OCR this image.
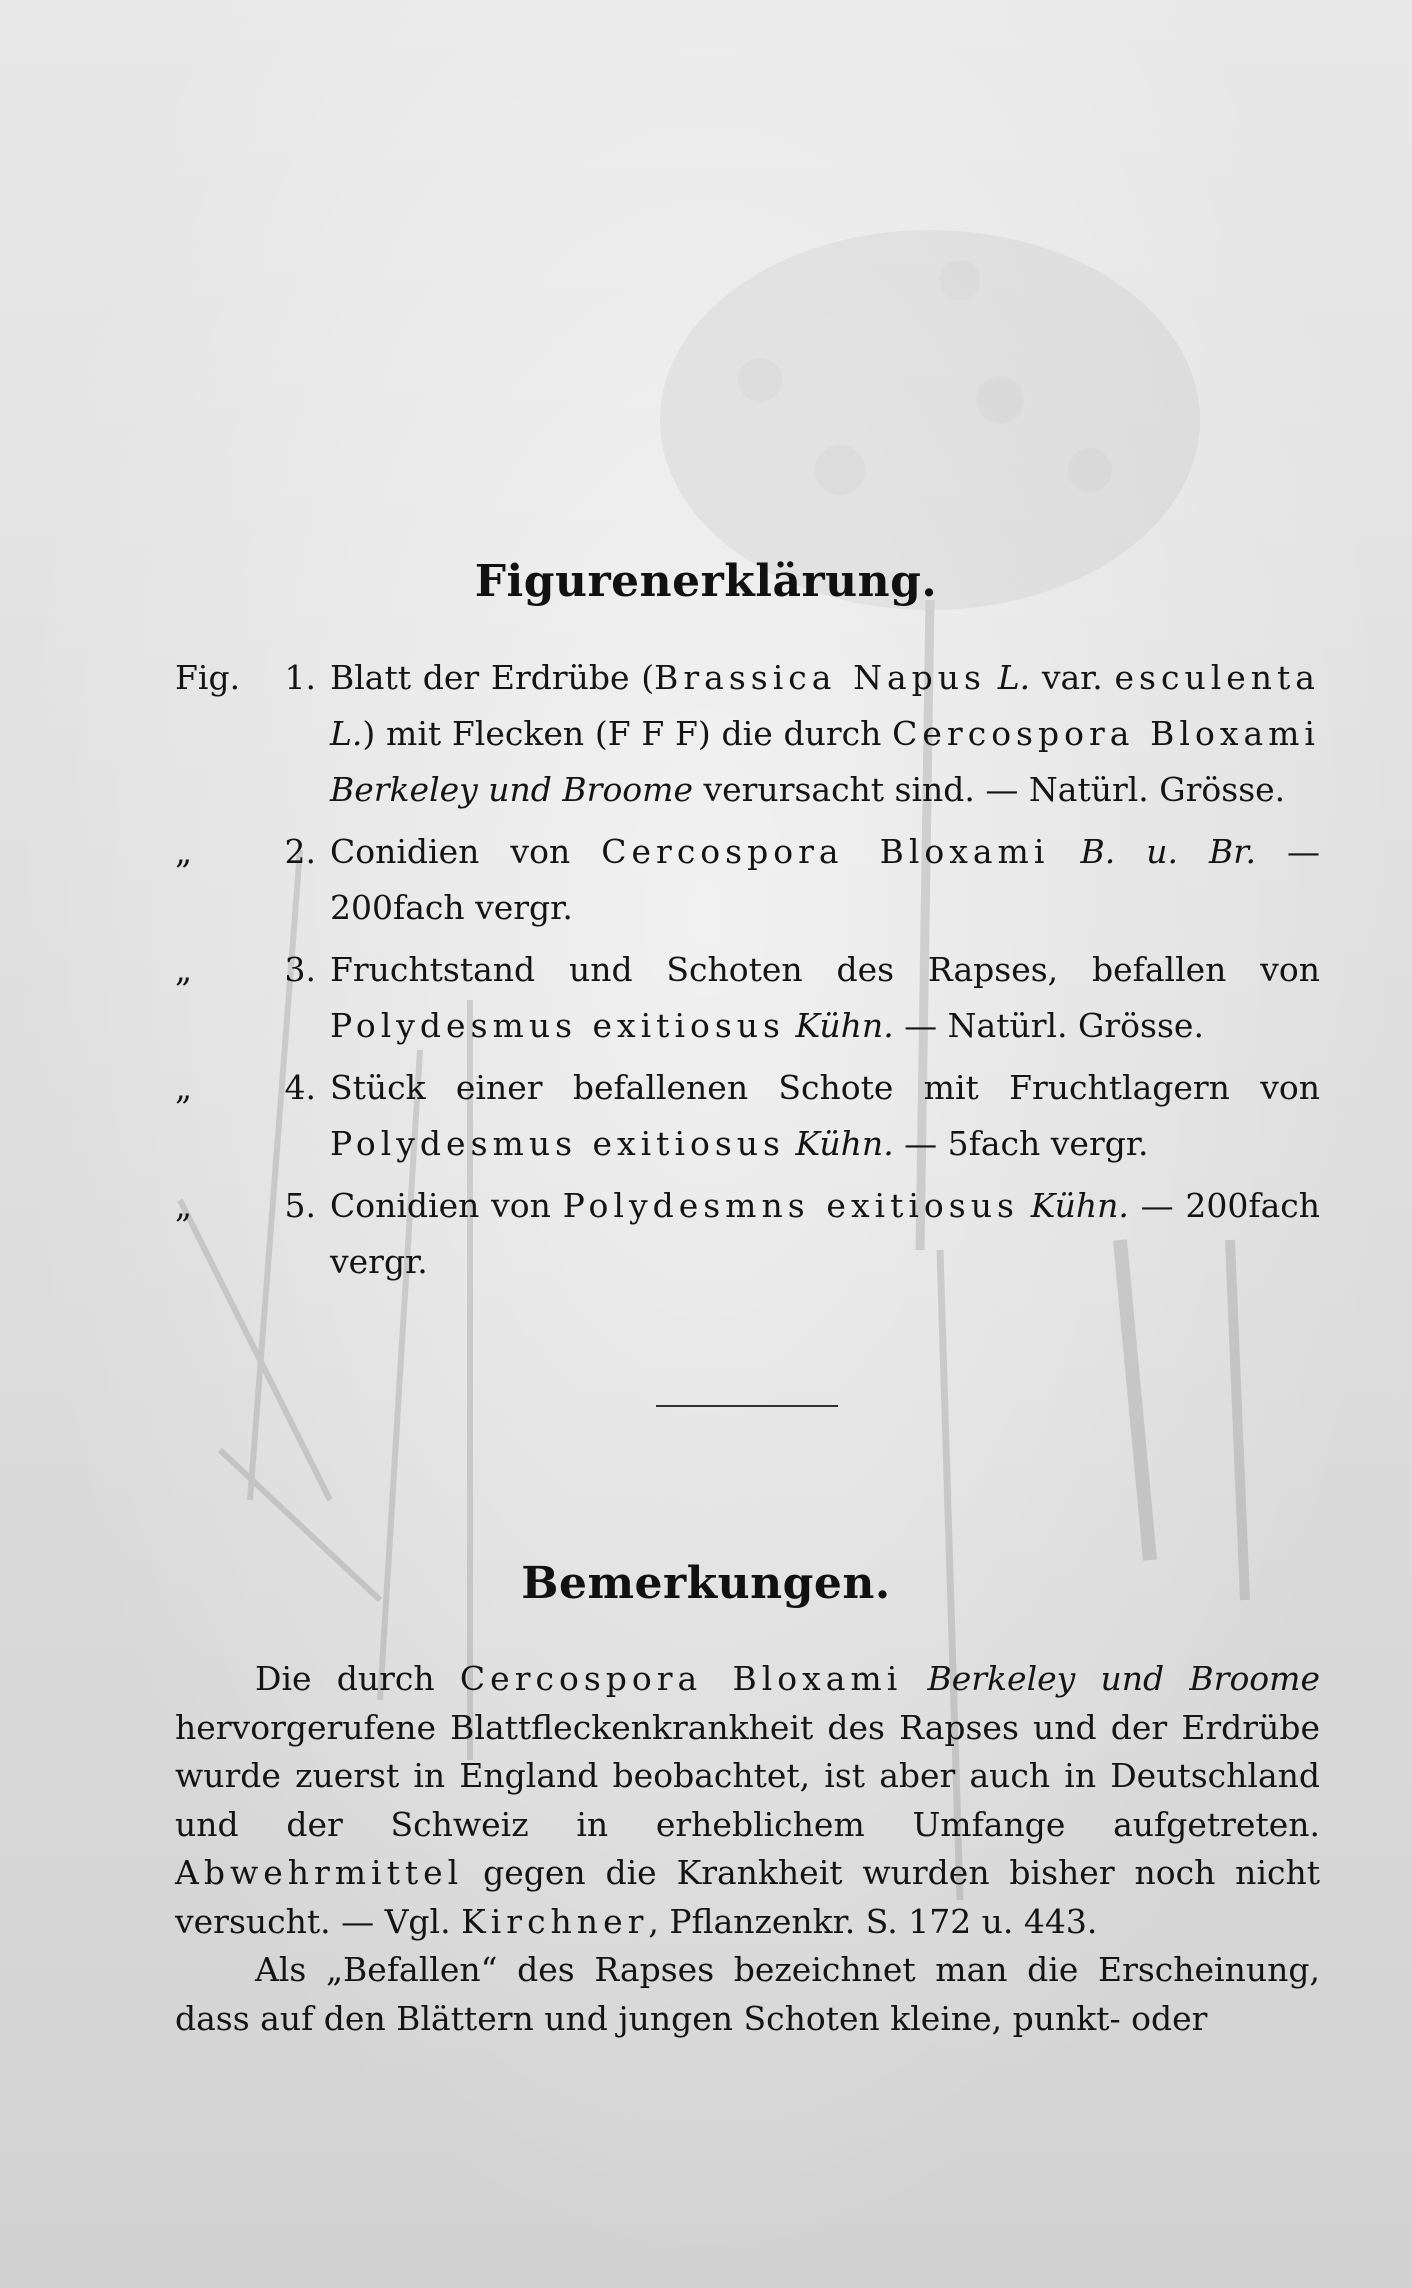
Figurenerklärung.
Fig.	1. Blatt der Erdrübe (Brassica Napus L. var. esculenta L.) mit Flecken (F F F) die durch Cercospora Bloxami Berkeley und Broome verursacht sind. — Natürl. Grösse.
„	2. Conidien von Cercospora Bloxami B. u. Br. — 200fach vergr.
„	3. Fruchtstand und Schoten des Rapses, befallen von Polydesmus exitiosus Kühn. — Natürl. Grösse.
„	4. Stück einer befallenen Schote mit Fruchtlagern von Polydesmus exitiosus Kühn. — 5fach vergr.
„	5. Conidien von Polydesmns exitiosus Kühn. — 200fach vergr.
Bemerkungen.

Die durch Cercospora Bloxami Berkeley und Broome hervorgerufene Blattfleckenkrankheit des Rapses und der Erdrübe wurde zuerst in England beobachtet, ist aber auch in Deutschland und der Schweiz in erheblichem Umfange aufgetreten. Abwehrmittel gegen die Krankheit wurden bisher noch nicht versucht. — Vgl. Kirchner, Pflanzenkr. S. 172 u. 443.

Als „Befallen“ des Rapses bezeichnet man die Erscheinung, dass auf den Blättern und jungen Schoten kleine, punkt- oder
